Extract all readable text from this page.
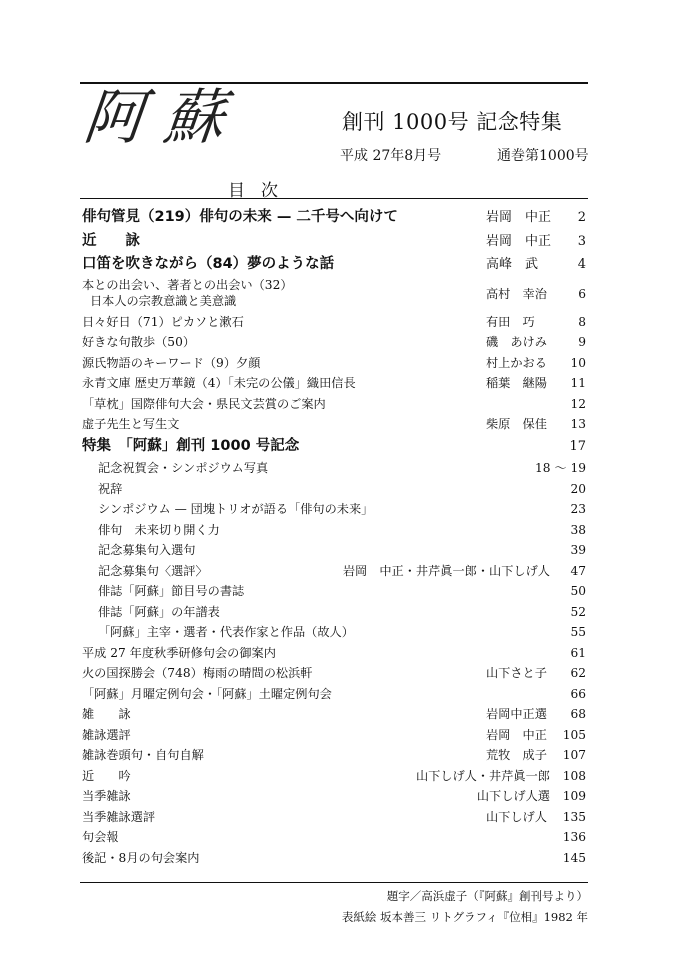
阿蘇	創刊 1000号 記念特集
平成 27年8月号	通巻第1000号
目次
俳句管見（219）俳句の未来 — 二千号へ向けて	岩岡　中正 2
近　　詠	岩岡　中正 3
口笛を吹きながら（84）夢のような話	高峰　武	4
本との出会い、著者との出会い（32）
日本人の宗教意識と美意識	高村　幸治	6
日々好日（71）ピカソと漱石	有田　巧	8
好きな句散歩（50）	磯　あけみ	9
源氏物語のキーワード（9）夕顔	村上かおる 10
永青文庫 歴史万華鏡（4）「未完の公儀」織田信長	稲葉　継陽 11
「草枕」国際俳句大会・県民文芸賞のご案内	12
虚子先生と写生文	柴原　保佳 13
特集　「阿蘇」創刊 1000 号記念	17
記念祝賀会・シンポジウム写真	18 〜 19
祝辞	20
シンポジウム — 団塊トリオが語る「俳句の未来」	23
俳句　未来切り開く力	38
記念募集句入選句	39
記念募集句〈選評〉	岩岡　中正・井芹眞一郎・山下しげ人 47
俳誌「阿蘇」節目号の書誌	50
俳誌「阿蘇」の年譜表	52
「阿蘇」主宰・選者・代表作家と作品（故人）	55
平成 27 年度秋季研修句会の御案内	61
火の国探勝会（748）梅雨の晴間の松浜軒	山下さと子 62
「阿蘇」月曜定例句会・「阿蘇」土曜定例句会	66
雑　　詠	岩岡中正選 68
雑詠選評	岩岡　中正 105
雑詠巻頭句・自句自解	荒牧　成子 107
近　　吟	山下しげ人・井芹眞一郎 108
当季雑詠	山下しげ人選 109
当季雑詠選評	山下しげ人 135
句会報	136
後記・8月の句会案内	145
題字／高浜虚子（『阿蘇』創刊号より）
表紙絵 坂本善三 リトグラフィ『位相』1982 年
